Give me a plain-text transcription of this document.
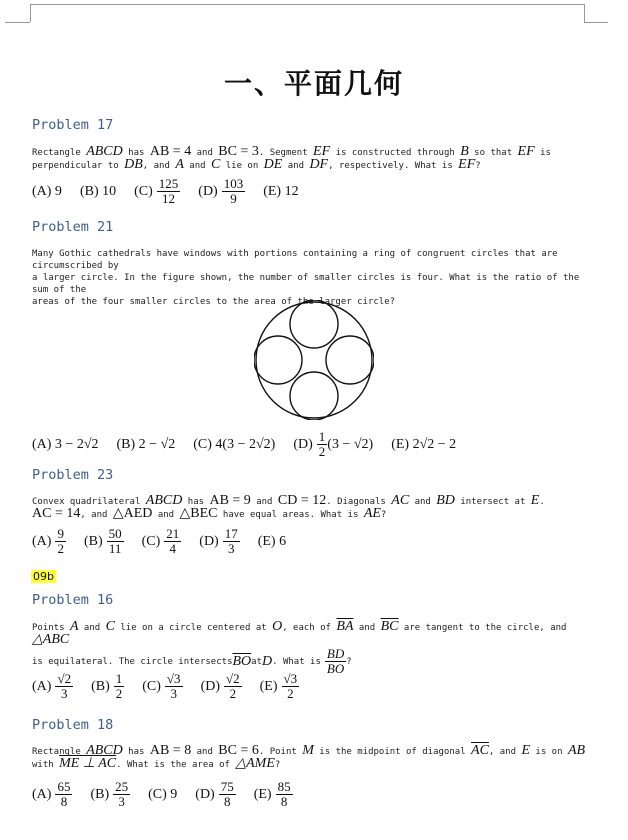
一、平面几何
Problem 17
Rectangle ABCD has AB = 4 and BC = 3. Segment EF is constructed through B so that EF is
perpendicular to DB, and A and C lie on DE and DF, respectively. What is EF?
(A) 9 (B) 10 $(C) \frac{125}{12} (D) \frac{103}{9} (E)$ 12
Problem 21
Many Gothic cathedrals have windows with portions containing a ring of congruent circles that are circumscribed by
a larger circle. In the figure shown, the number of smaller circles is four. What is the ratio of the sum of the
areas of the four smaller circles to the area of the larger circle?
(A) 3 − 2√2 (B) 2 − √2 (C) 4(3 − 2√2) $(D) \frac{1}{2} (3 - √2)$ (E) 2√2 − 2
Problem 23
Convex quadrilateral ABCD has AB = 9 and CD = 12. Diagonals AC and BD intersect at E.
AC = 14, and △AED and △BEC have equal areas. What is AE?
$(A) \frac{9}{2} (B) \frac{50}{11} (C) \frac{21}{4} (D) \frac{17}{3} (E)$ 6
09b
Problem 16
Points A and C lie on a circle centered at O, each of $\overline{BA}$ and $\overline{BC}$ are tangent to the circle, and △ABC
is equilateral. The circle intersects $\overline{BO}$ at D . What is $\frac{BD}{BO}$ ?
$(A) \frac{√2}{3} (B) \frac{1}{2} (C) \frac{√3}{3} (D) \frac{√2}{2} (E) \frac{√3}{2}$
Problem 18
Rectangle ABCD has AB = 8 and BC = 6. Point M is the midpoint of diagonal $\overline{AC}$, and E is on AB
with ME ⊥ AC. What is the area of △AME?
$(A) \frac{65}{8} (B) \frac{25}{3} (C)$ 9 $(D) \frac{75}{8} (E) \frac{85}{8}$
